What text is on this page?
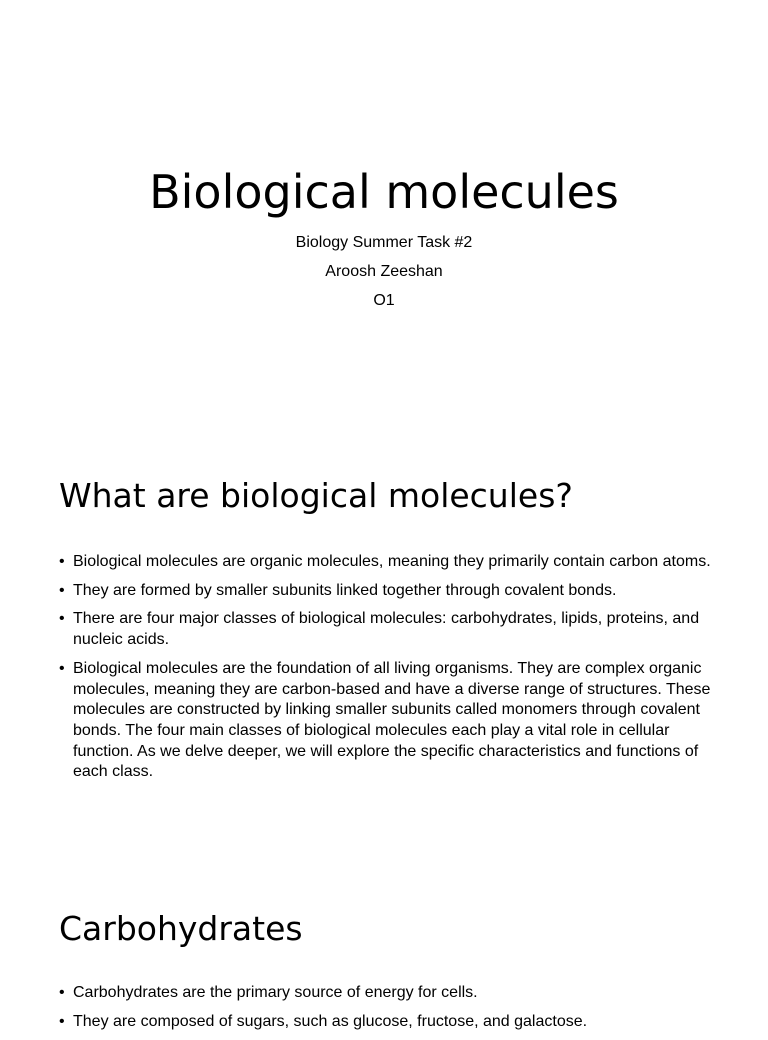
Biological molecules
Biology Summer Task #2
Aroosh Zeeshan
O1
What are biological molecules?
• Biological molecules are organic molecules, meaning they primarily contain carbon atoms.
• They are formed by smaller subunits linked together through covalent bonds.
• There are four major classes of biological molecules: carbohydrates, lipids, proteins, and nucleic acids.
• Biological molecules are the foundation of all living organisms. They are complex organic molecules, meaning they are carbon-based and have a diverse range of structures. These molecules are constructed by linking smaller subunits called monomers through covalent bonds. The four main classes of biological molecules each play a vital role in cellular function. As we delve deeper, we will explore the specific characteristics and functions of each class.
Carbohydrates
• Carbohydrates are the primary source of energy for cells.
• They are composed of sugars, such as glucose, fructose, and galactose.
